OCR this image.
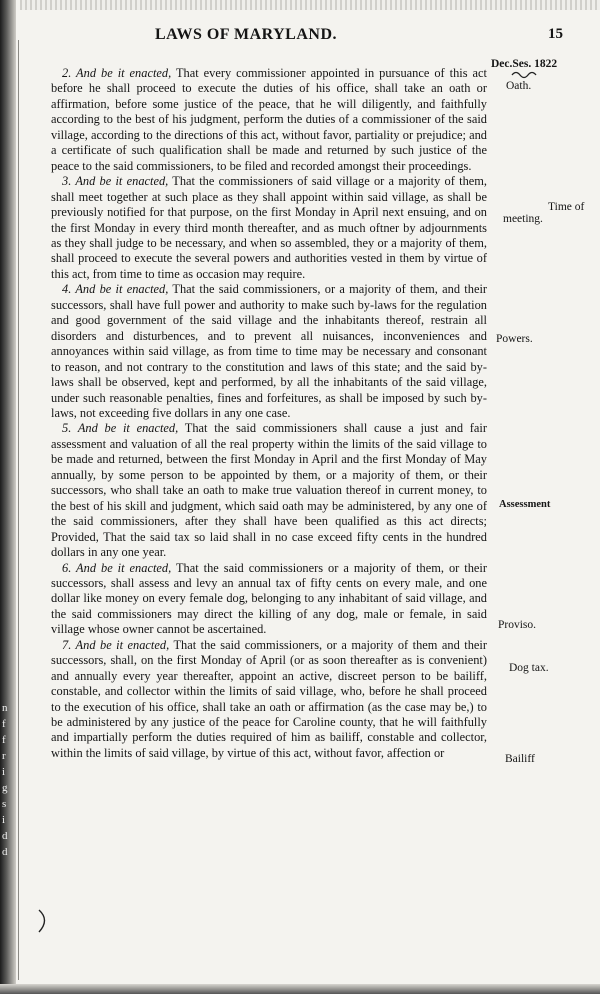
n
f
f
r
i
g
s
i
d
d
LAWS OF MARYLAND.	15
Dec.Ses. 1822
Oath.
Time of
meeting.
Powers.
Assessment
Proviso.
Dog tax.
Bailiff

2. And be it enacted, That every commissioner appointed in pursuance of this act before he shall proceed to execute the duties of his office, shall take an oath or affirmation, before some justice of the peace, that he will diligently, and faithfully according to the best of his judgment, perform the duties of a commissioner of the said village, according to the directions of this act, without favor, partiality or prejudice; and a certificate of such qualification shall be made and returned by such justice of the peace to the said commissioners, to be filed and recorded amongst their proceedings.

3. And be it enacted, That the commissioners of said village or a majority of them, shall meet together at such place as they shall appoint within said village, as shall be previously notified for that purpose, on the first Monday in April next ensuing, and on the first Monday in every third month thereafter, and as much oftner by adjournments as they shall judge to be necessary, and when so assembled, they or a majority of them, shall proceed to execute the several powers and authorities vested in them by virtue of this act, from time to time as occasion may require.

4. And be it enacted, That the said commissioners, or a majority of them, and their successors, shall have full power and authority to make such by-laws for the regulation and good government of the said village and the inhabitants thereof, restrain all disorders and disturbences, and to prevent all nuisances, inconveniences and annoyances within said village, as from time to time may be necessary and consonant to reason, and not contrary to the constitution and laws of this state; and the said by-laws shall be observed, kept and performed, by all the inhabitants of the said village, under such reasonable penalties, fines and forfeitures, as shall be imposed by such by-laws, not exceeding five dollars in any one case.

5. And be it enacted, That the said commissioners shall cause a just and fair assessment and valuation of all the real property within the limits of the said village to be made and returned, between the first Monday in April and the first Monday of May annually, by some person to be appointed by them, or a majority of them, or their successors, who shall take an oath to make true valuation thereof in current money, to the best of his skill and judgment, which said oath may be administered, by any one of the said commissioners, after they shall have been qualified as this act directs; Provided, That the said tax so laid shall in no case exceed fifty cents in the hundred dollars in any one year.

6. And be it enacted, That the said commissioners or a majority of them, or their successors, shall assess and levy an annual tax of fifty cents on every male, and one dollar like money on every female dog, belonging to any inhabitant of said village, and the said commissioners may direct the killing of any dog, male or female, in said village whose owner cannot be ascertained.

7. And be it enacted, That the said commissioners, or a majority of them and their successors, shall, on the first Monday of April (or as soon thereafter as is convenient) and annually every year thereafter, appoint an active, discreet person to be bailiff, constable, and collector within the limits of said village, who, before he shall proceed to the execution of his office, shall take an oath or affirmation (as the case may be,) to be administered by any justice of the peace for Caroline county, that he will faithfully and impartially perform the duties required of him as bailiff, constable and collector, within the limits of said village, by virtue of this act, without favor, affection or
